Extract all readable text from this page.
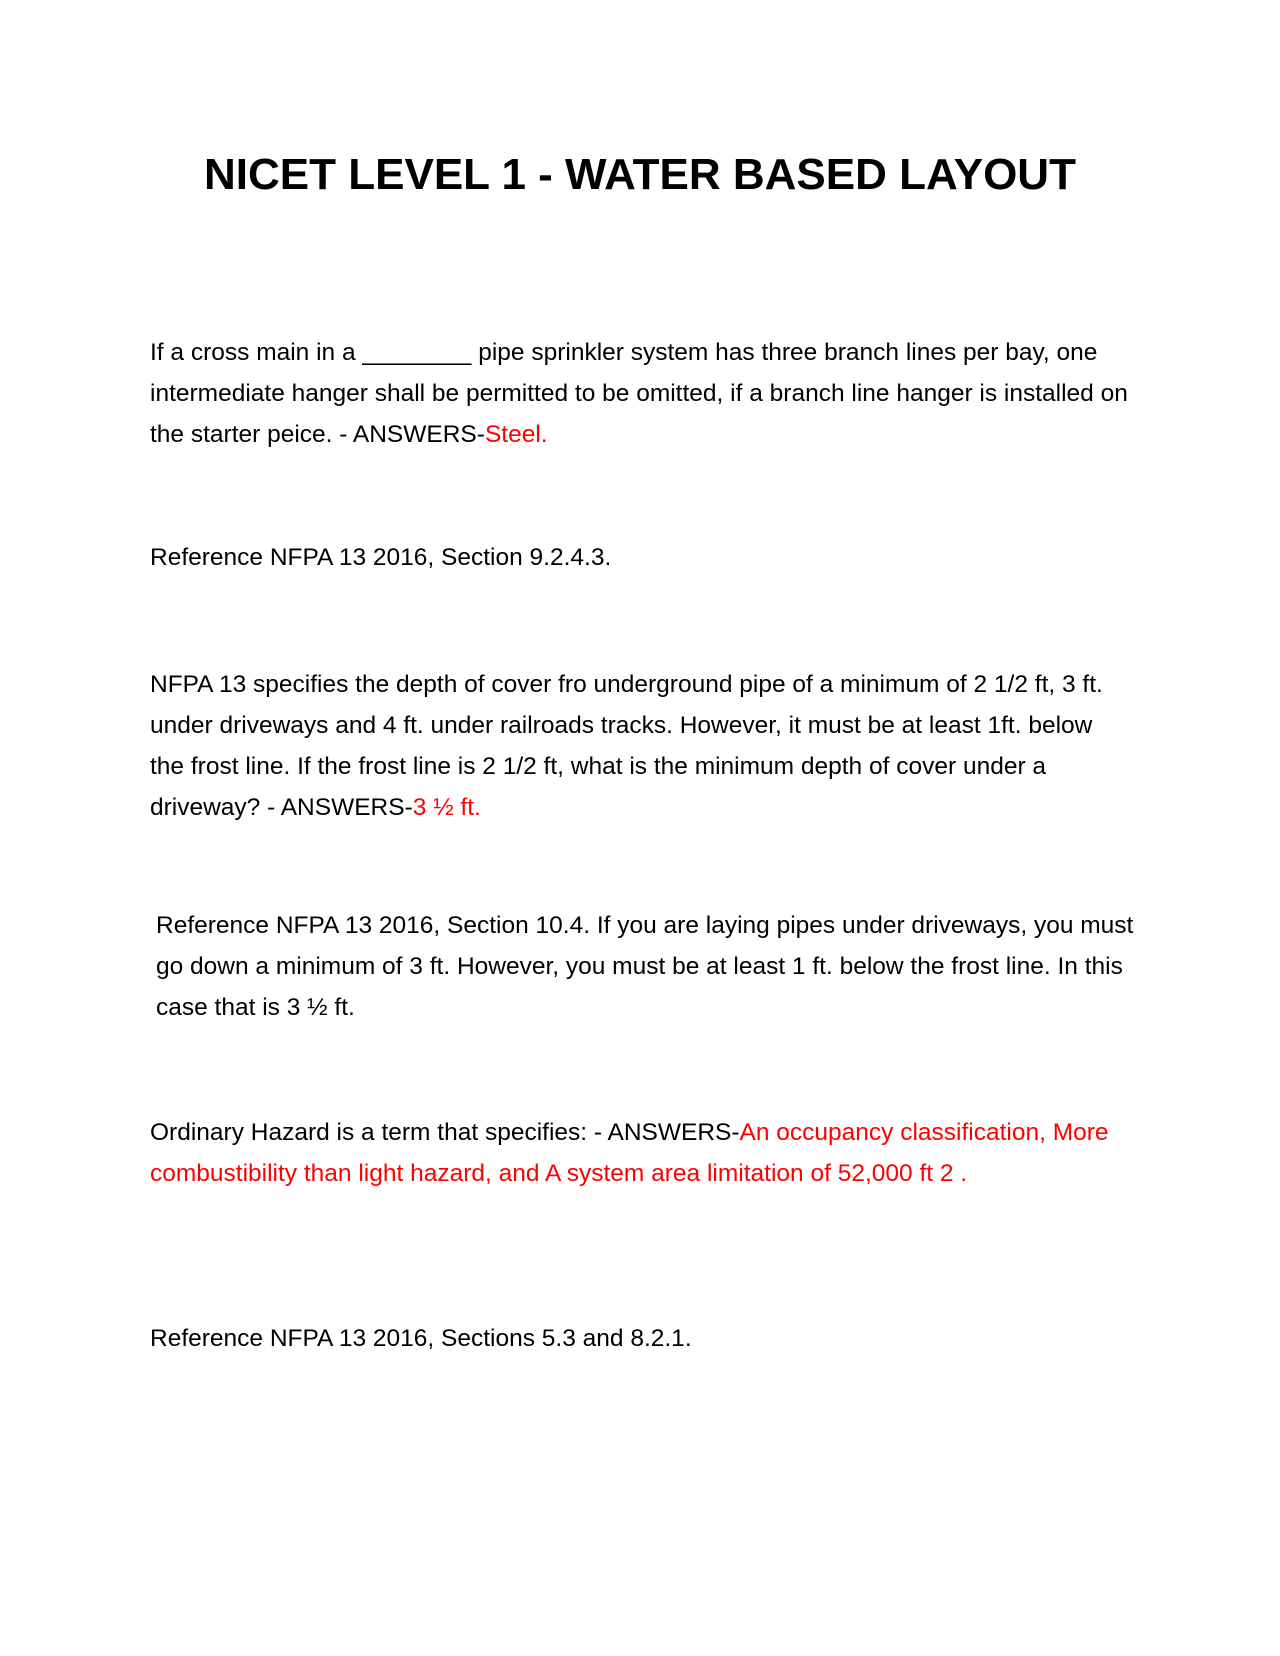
NICET LEVEL 1 - WATER BASED LAYOUT

If a cross main in a ________ pipe sprinkler system has three branch lines per bay, one intermediate hanger shall be permitted to be omitted, if a branch line hanger is installed on the starter peice. - ANSWERS-Steel.

Reference NFPA 13 2016, Section 9.2.4.3.

NFPA 13 specifies the depth of cover fro underground pipe of a minimum of 2 1/2 ft, 3 ft. under driveways and 4 ft. under railroads tracks. However, it must be at least 1ft. below the frost line. If the frost line is 2 1/2 ft, what is the minimum depth of cover under a driveway? - ANSWERS-3 ½ ft.

Reference NFPA 13 2016, Section 10.4. If you are laying pipes under driveways, you must go down a minimum of 3 ft. However, you must be at least 1 ft. below the frost line. In this case that is 3 ½ ft.

Ordinary Hazard is a term that specifies: - ANSWERS-An occupancy classification, More combustibility than light hazard, and A system area limitation of 52,000 ft 2 .

Reference NFPA 13 2016, Sections 5.3 and 8.2.1.
